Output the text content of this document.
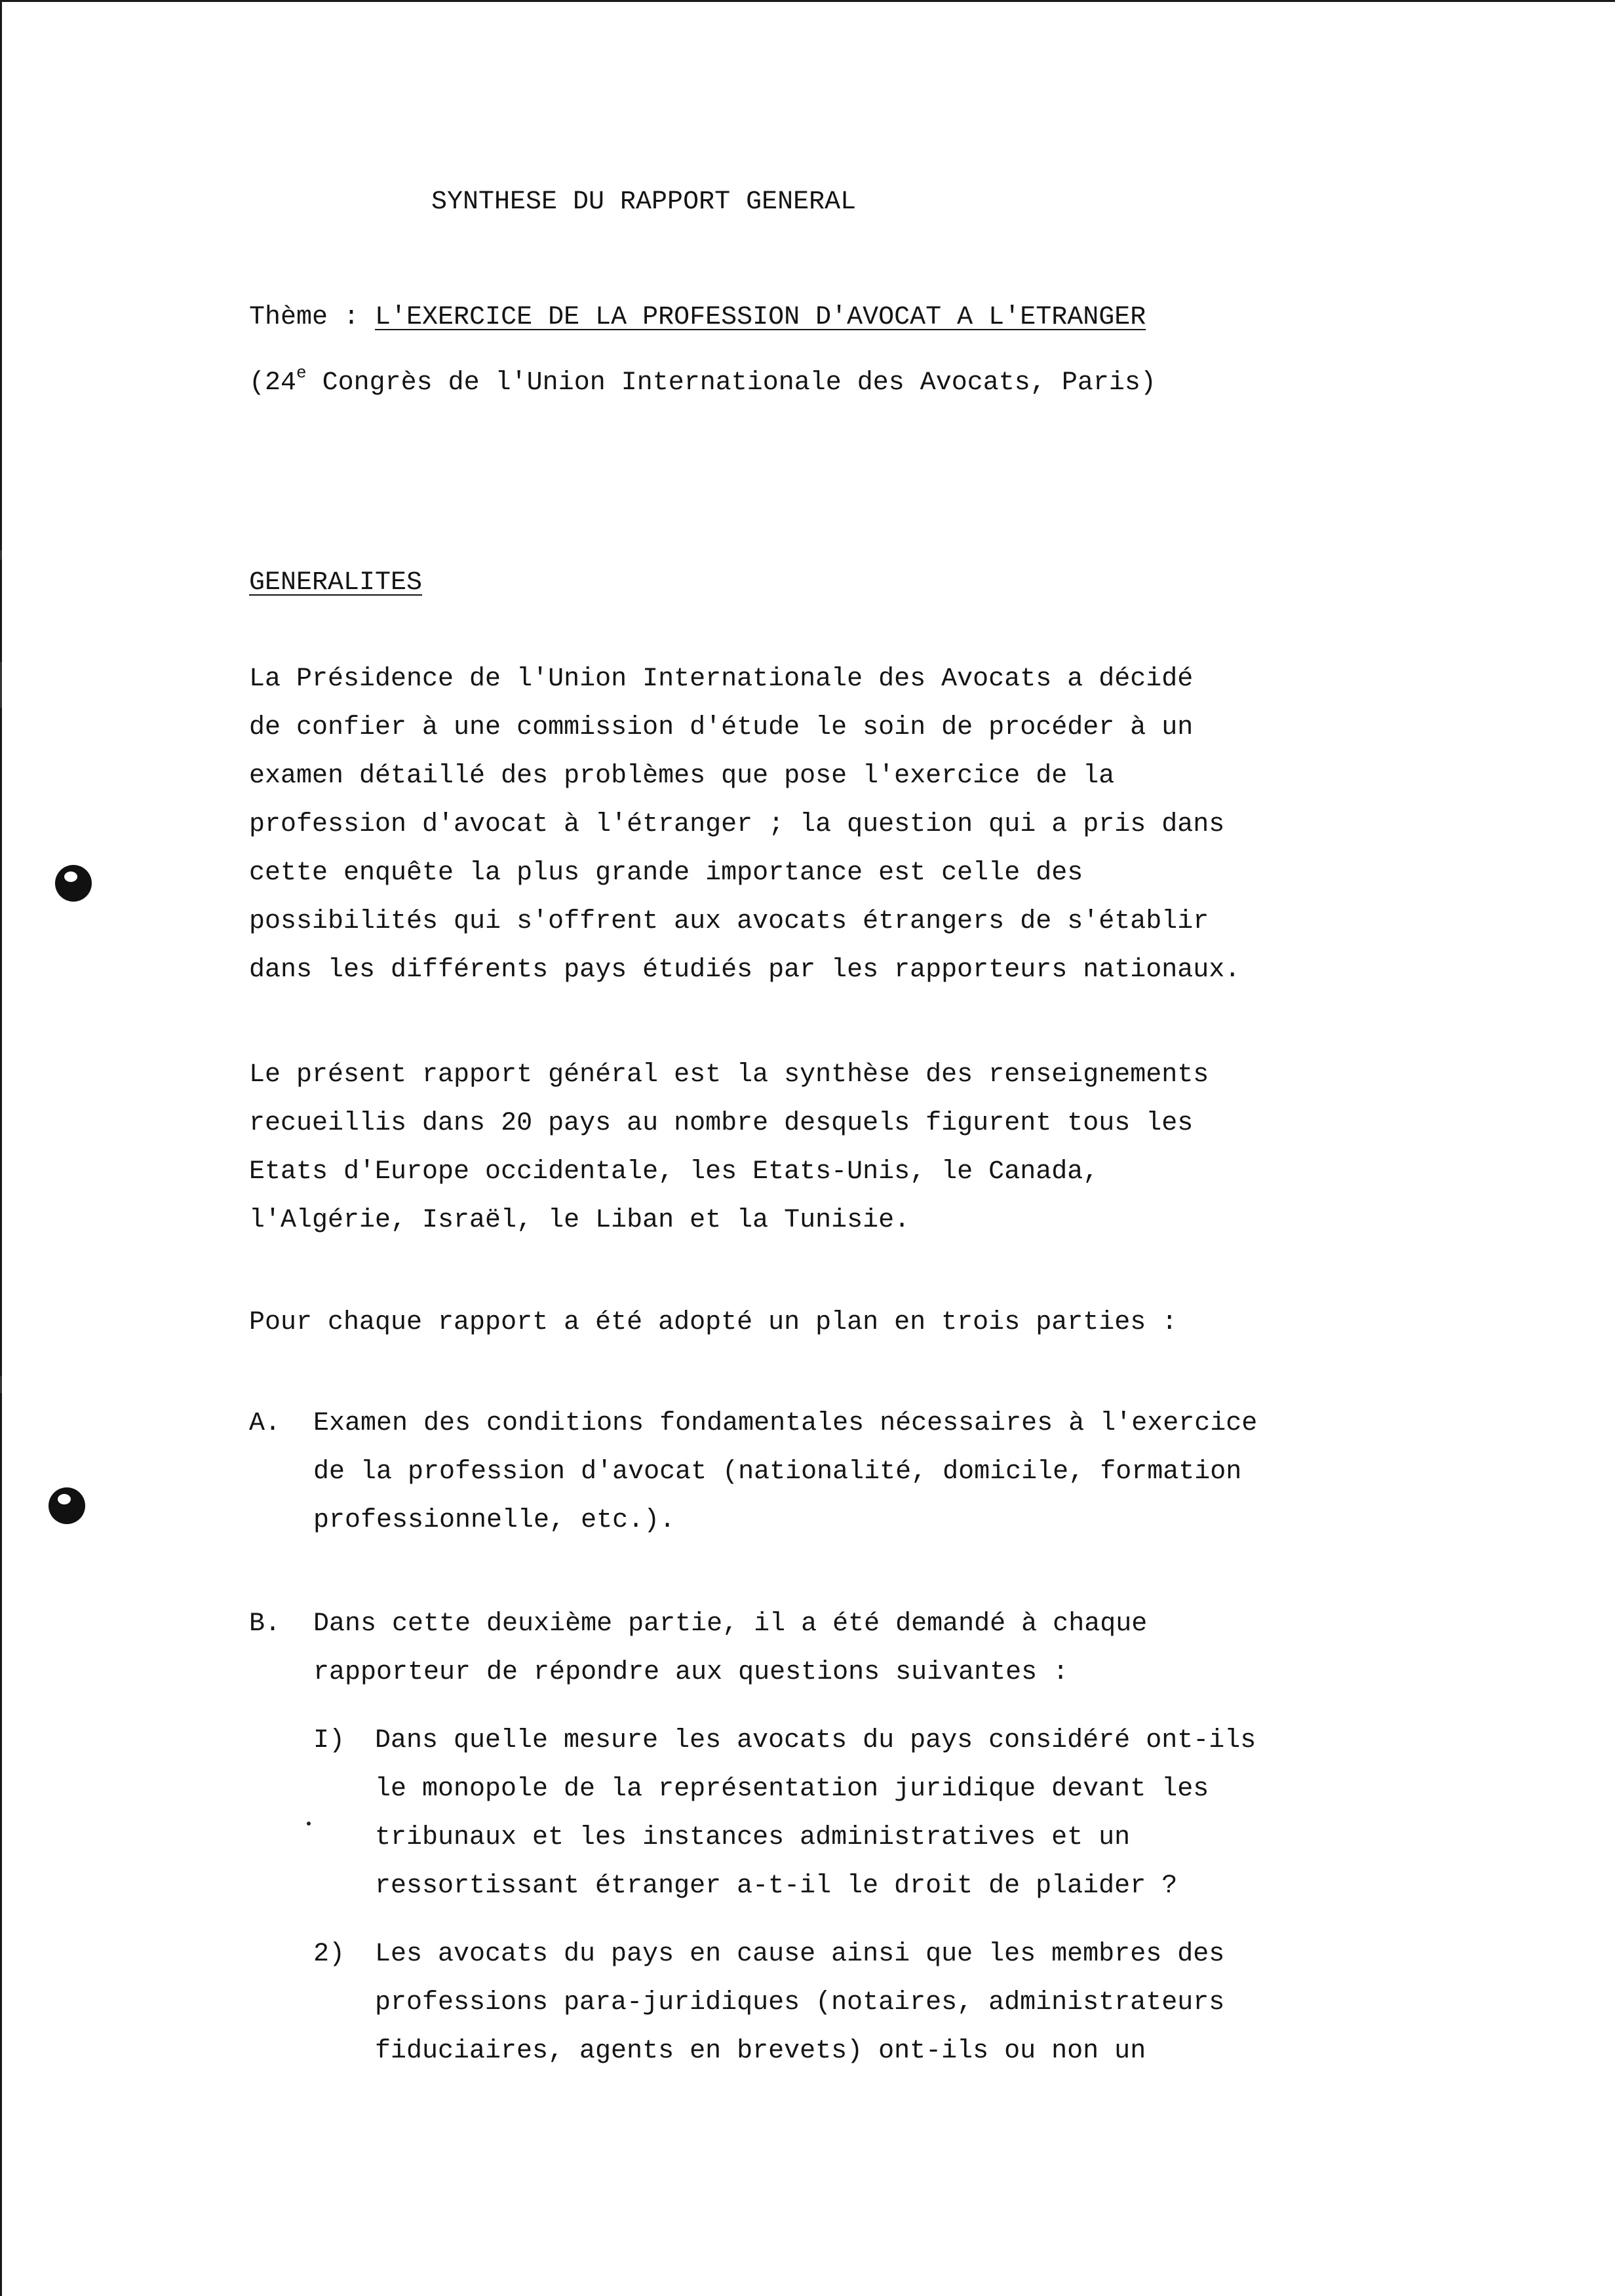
SYNTHESE DU RAPPORT GENERAL
Thème : L'EXERCICE DE LA PROFESSION D'AVOCAT A L'ETRANGER
(24e Congrès de l'Union Internationale des Avocats, Paris)
GENERALITES
La Présidence de l'Union Internationale des Avocats a décidé
de confier à une commission d'étude le soin de procéder à un
examen détaillé des problèmes que pose l'exercice de la
profession d'avocat à l'étranger ; la question qui a pris dans
cette enquête la plus grande importance est celle des
possibilités qui s'offrent aux avocats étrangers de s'établir
dans les différents pays étudiés par les rapporteurs nationaux.
Le présent rapport général est la synthèse des renseignements
recueillis dans 20 pays au nombre desquels figurent tous les
Etats d'Europe occidentale, les Etats-Unis, le Canada,
l'Algérie, Israël, le Liban et la Tunisie.
Pour chaque rapport a été adopté un plan en trois parties :
A. Examen des conditions fondamentales nécessaires à l'exercice
de la profession d'avocat (nationalité, domicile, formation
professionnelle, etc.).
B. Dans cette deuxième partie, il a été demandé à chaque
rapporteur de répondre aux questions suivantes :
I) Dans quelle mesure les avocats du pays considéré ont-ils
le monopole de la représentation juridique devant les
tribunaux et les instances administratives et un
ressortissant étranger a-t-il le droit de plaider ?
2) Les avocats du pays en cause ainsi que les membres des
professions para-juridiques (notaires, administrateurs
fiduciaires, agents en brevets) ont-ils ou non un
